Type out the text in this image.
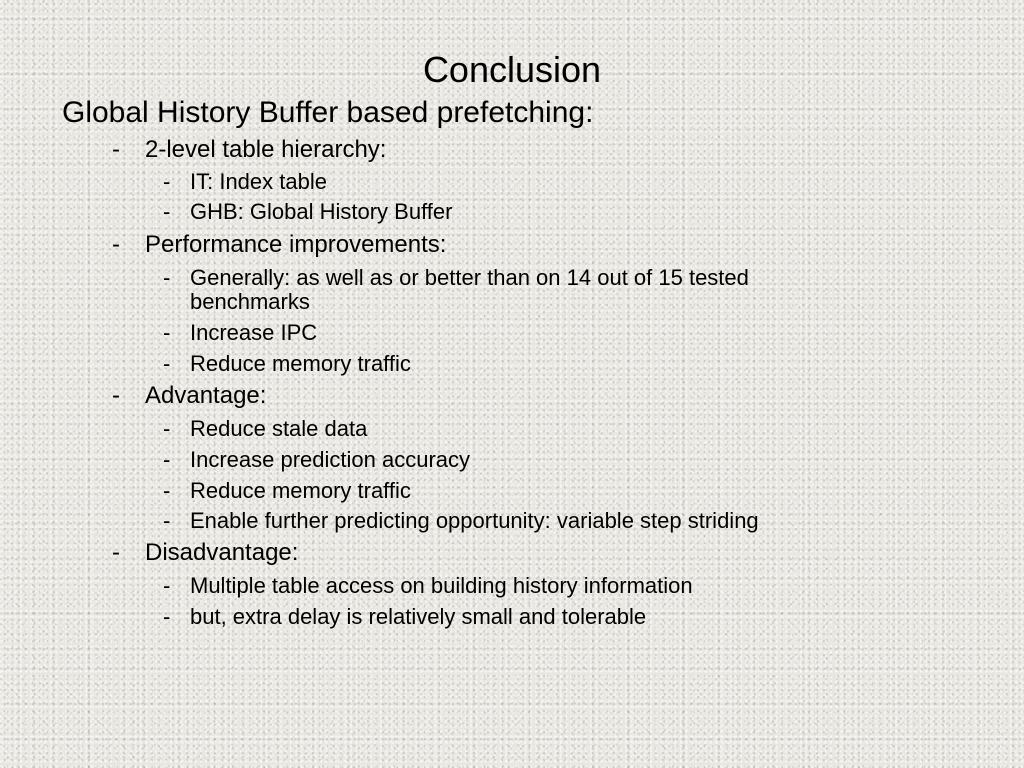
Conclusion
Global History Buffer based prefetching:
- 2-level table hierarchy:
- IT: Index table
- GHB: Global History Buffer
- Performance improvements:
- Generally: as well as or better than on 14 out of 15 tested benchmarks
- Increase IPC
- Reduce memory traffic
- Advantage:
- Reduce stale data
- Increase prediction accuracy
- Reduce memory traffic
- Enable further predicting opportunity: variable step striding
- Disadvantage:
- Multiple table access on building history information
- but, extra delay is relatively small and tolerable
